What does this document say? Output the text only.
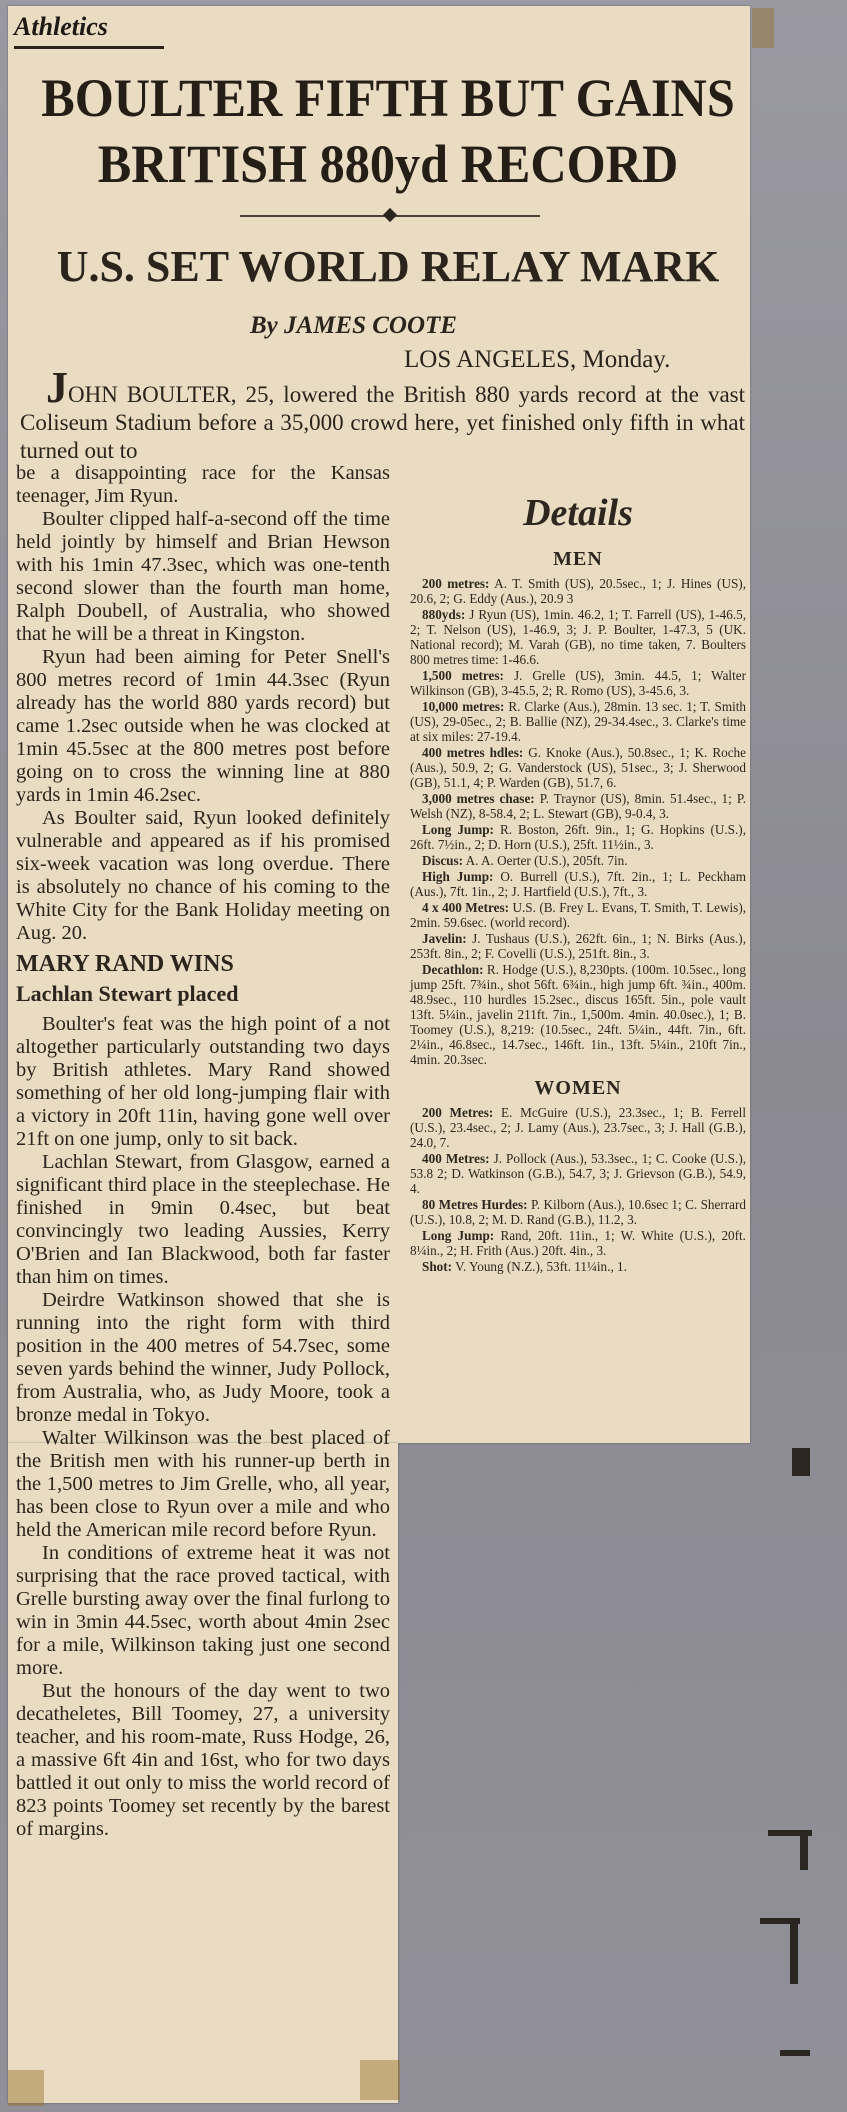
Athletics
BOULTER FIFTH BUT GAINS
BRITISH 880yd RECORD
U.S. SET WORLD RELAY MARK
By JAMES COOTE
LOS ANGELES, Monday.

JOHN BOULTER, 25, lowered the British 880 yards record at the vast Coliseum Stadium before a 35,000 crowd here, yet finished only fifth in what turned out to

be a disappointing race for the Kansas teenager, Jim Ryun.

Boulter clipped half-a-second off the time held jointly by himself and Brian Hewson with his 1min 47.3sec, which was one-tenth second slower than the fourth man home, Ralph Doubell, of Australia, who showed that he will be a threat in Kingston.

Ryun had been aiming for Peter Snell's 800 metres record of 1min 44.3sec (Ryun already has the world 880 yards record) but came 1.2sec outside when he was clocked at 1min 45.5sec at the 800 metres post before going on to cross the winning line at 880 yards in 1min 46.2sec.

As Boulter said, Ryun looked definitely vulnerable and appeared as if his promised six-week vacation was long overdue. There is absolutely no chance of his coming to the White City for the Bank Holiday meeting on Aug. 20.

MARY RAND WINS
Lachlan Stewart placed

Boulter's feat was the high point of a not altogether particularly outstanding two days by British athletes. Mary Rand showed something of her old long-jumping flair with a victory in 20ft 11in, having gone well over 21ft on one jump, only to sit back.

Lachlan Stewart, from Glasgow, earned a significant third place in the steeplechase. He finished in 9min 0.4sec, but beat convincingly two leading Aussies, Kerry O'Brien and Ian Blackwood, both far faster than him on times.

Deirdre Watkinson showed that she is running into the right form with third position in the 400 metres of 54.7sec, some seven yards behind the winner, Judy Pollock, from Australia, who, as Judy Moore, took a bronze medal in Tokyo.

Walter Wilkinson was the best placed of the British men with his runner-up berth in the 1,500 metres to Jim Grelle, who, all year, has been close to Ryun over a mile and who held the American mile record before Ryun.

In conditions of extreme heat it was not surprising that the race proved tactical, with Grelle bursting away over the final furlong to win in 3min 44.5sec, worth about 4min 2sec for a mile, Wilkinson taking just one second more.

But the honours of the day went to two decatheletes, Bill Toomey, 27, a university teacher, and his room-mate, Russ Hodge, 26, a massive 6ft 4in and 16st, who for two days battled it out only to miss the world record of 823 points Toomey set recently by the barest of margins.

Details
MEN

200 metres: A. T. Smith (US), 20.5sec., 1; J. Hines (US), 20.6, 2; G. Eddy (Aus.), 20.9 3

880yds: J Ryun (US), 1min. 46.2, 1; T. Farrell (US), 1-46.5, 2; T. Nelson (US), 1-46.9, 3; J. P. Boulter, 1-47.3, 5 (UK. National record); M. Varah (GB), no time taken, 7. Boulters 800 metres time: 1-46.6.

1,500 metres: J. Grelle (US), 3min. 44.5, 1; Walter Wilkinson (GB), 3-45.5, 2; R. Romo (US), 3-45.6, 3.

10,000 metres: R. Clarke (Aus.), 28min. 13 sec. 1; T. Smith (US), 29-05ec., 2; B. Ballie (NZ), 29-34.4sec., 3. Clarke's time at six miles: 27-19.4.

400 metres hdles: G. Knoke (Aus.), 50.8sec., 1; K. Roche (Aus.), 50.9, 2; G. Vanderstock (US), 51sec., 3; J. Sherwood (GB), 51.1, 4; P. Warden (GB), 51.7, 6.

3,000 metres chase: P. Traynor (US), 8min. 51.4sec., 1; P. Welsh (NZ), 8-58.4, 2; L. Stewart (GB), 9-0.4, 3.

Long Jump: R. Boston, 26ft. 9in., 1; G. Hopkins (U.S.), 26ft. 7½in., 2; D. Horn (U.S.), 25ft. 11½in., 3.

Discus: A. A. Oerter (U.S.), 205ft. 7in.

High Jump: O. Burrell (U.S.), 7ft. 2in., 1; L. Peckham (Aus.), 7ft. 1in., 2; J. Hartfield (U.S.), 7ft., 3.

4 x 400 Metres: U.S. (B. Frey L. Evans, T. Smith, T. Lewis), 2min. 59.6sec. (world record).

Javelin: J. Tushaus (U.S.), 262ft. 6in., 1; N. Birks (Aus.), 253ft. 8in., 2; F. Covelli (U.S.), 251ft. 8in., 3.

Decathlon: R. Hodge (U.S.), 8,230pts. (100m. 10.5sec., long jump 25ft. 7¾in., shot 56ft. 6¾in., high jump 6ft. ¾in., 400m. 48.9sec., 110 hurdles 15.2sec., discus 165ft. 5in., pole vault 13ft. 5¼in., javelin 211ft. 7in., 1,500m. 4min. 40.0sec.), 1; B. Toomey (U.S.), 8,219: (10.5sec., 24ft. 5¼in., 44ft. 7in., 6ft. 2¼in., 46.8sec., 14.7sec., 146ft. 1in., 13ft. 5¼in., 210ft 7in., 4min. 20.3sec.

WOMEN

200 Metres: E. McGuire (U.S.), 23.3sec., 1; B. Ferrell (U.S.), 23.4sec., 2; J. Lamy (Aus.), 23.7sec., 3; J. Hall (G.B.), 24.0, 7.

400 Metres: J. Pollock (Aus.), 53.3sec., 1; C. Cooke (U.S.), 53.8 2; D. Watkinson (G.B.), 54.7, 3; J. Grievson (G.B.), 54.9, 4.

80 Metres Hurdes: P. Kilborn (Aus.), 10.6sec 1; C. Sherrard (U.S.), 10.8, 2; M. D. Rand (G.B.), 11.2, 3.

Long Jump: Rand, 20ft. 11in., 1; W. White (U.S.), 20ft. 8¼in., 2; H. Frith (Aus.) 20ft. 4in., 3.

Shot: V. Young (N.Z.), 53ft. 11¼in., 1.
